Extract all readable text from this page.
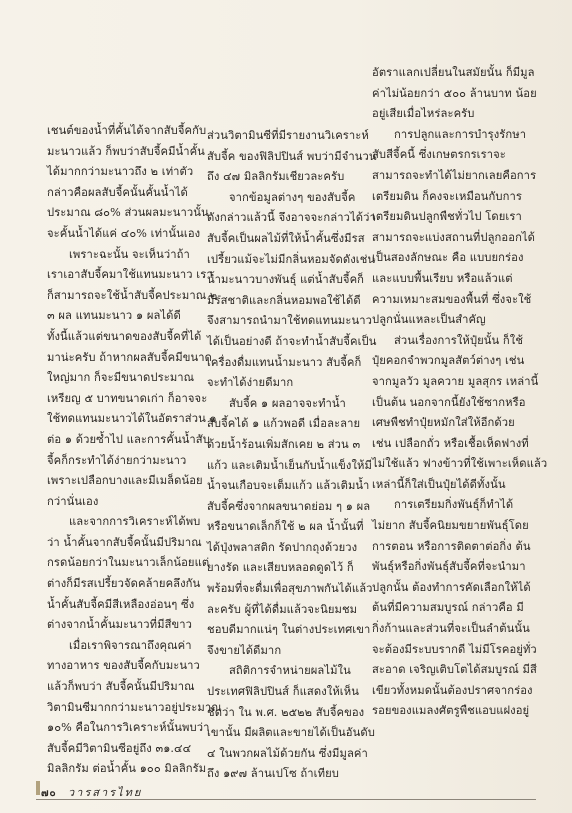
เชนต์ของน้ำที่คั้นได้จากสับจี้คกับ
มะนาวแล้ว ก็พบว่าสับจี้คมีน้ำคั้น
ได้มากกว่ามะนาวถึง ๒ เท่าตัว
กล่าวคือผลสับจี้คนั้นคั้นน้ำได้
ประมาณ ๘๐% ส่วนผลมะนาวนั้น
จะคั้นน้ำได้แค่ ๔๐% เท่านั้นเอง
เพราะฉะนั้น จะเห็นว่าถ้า
เราเอาสับจี้คมาใช้แทนมะนาว เรา
ก็สามารถจะใช้น้ำสับจี้คประมาณ ๒-
๓ ผล แทนมะนาว ๑ ผลได้ดี
ทั้งนี้แล้วแต่ขนาดของสับจี้คที่ได้
มาน่ะครับ ถ้าหากผลสับจี้คมีขนาด
ใหญ่มาก ก็จะมีขนาดประมาณ
เหรียญ ๕ บาทขนาดเก่า ก็อาจจะ
ใช้ทดแทนมะนาวได้ในอัตราส่วน ๑
ต่อ ๑ ด้วยซ้ำไป และการคั้นน้ำสับ
จี้คก็กระทำได้ง่ายกว่ามะนาว
เพราะเปลือกบางและมีเมล็ดน้อย
กว่านั่นเอง
และจากการวิเคราะห์ได้พบ
ว่า น้ำคั้นจากสับจี้คนั้นมีปริมาณ
กรดน้อยกว่าในมะนาวเล็กน้อยแต่
ต่างก็มีรสเปรี้ยวจัดคล้ายคลึงกัน
น้ำคั้นสับจี้คมีสีเหลืองอ่อนๆ ซึ่ง
ต่างจากน้ำคั้นมะนาวที่มีสีขาว
เมื่อเราพิจารณาถึงคุณค่า
ทางอาหาร ของสับจี้คกับมะนาว
แล้วก็พบว่า สับจี้คนั้นมีปริมาณ
วิตามินซีมากกว่ามะนาวอยู่ประมาณ
๑๐% คือในการวิเคราะห์นั้นพบว่า
สับจี้คมีวิตามินซีอยู่ถึง ๓๑.๔๔
มิลลิกรัม ต่อน้ำคั้น ๑๐๐ มิลลิกรัม
ส่วนวิตามินซีที่มีรายงานวิเคราะห์
สับจี้ค ของฟิลิปปินส์ พบว่ามีจำนวน
ถึง ๔๗ มิลลิกรัมเชียวละครับ
จากข้อมูลต่างๆ ของสับจี้ค
ดังกล่าวแล้วนี้ จึงอาจจะกล่าวได้ว่า
สับจี้คเป็นผลไม้ที่ให้น้ำคั้นซึ่งมีรส
เปรี้ยวแม้จะไม่มีกลิ่นหอมจัดดังเช่น
น้ำมะนาวบางพันธุ์ แต่น้ำสับจี้คก็
มีรสชาติและกลิ่นหอมพอใช้ได้ดี
จึงสามารถนำมาใช้ทดแทนมะนาว
ได้เป็นอย่างดี ถ้าจะทำน้ำสับจี้คเป็น
เครื่องดื่มแทนน้ำมะนาว สับจี้คก็
จะทำได้ง่ายดีมาก
สับจี้ค ๑ ผลอาจจะทำน้ำ
สับจี้คได้ ๑ แก้วพอดี เมื่อละลาย
ด้วยน้ำร้อนเพิ่มสักเคย ๒ ส่วน ๓
แก้ว และเติมน้ำเย็นกับน้ำแข็งให้มี
น้ำจนเกือบจะเต็มแก้ว แล้วเติมน้ำ
สับจี้คซึ่งจากผลขนาดย่อม ๆ ๑ ผล
หรือขนาดเล็กก็ใช้ ๒ ผล น้ำนั้นที่
ได้ปุ่งพลาสติก รัดปากถุงด้วยวง
ยางรัด และเสียบหลอดดูดไว้ ก็
พร้อมที่จะดื่มเพื่อสุขภาพกันได้แล้ว
ละครับ ผู้ที่ได้ดื่มแล้วจะนิยมชม
ชอบดีมากแน่ๆ ในต่างประเทศเขา
จึงขายได้ดีมาก
สถิติการจำหน่ายผลไม้ใน
ประเทศฟิลิปปินส์ ก็แสดงให้เห็น
ชัดว่า ใน พ.ศ. ๒๕๒๒ สับจี้คของ
เขานั้น มีผลิตและขายได้เป็นอันดับ
๔ ในพวกผลไม้ด้วยกัน ซึ่งมีมูลค่า
ถึง ๑๙๗ ล้านเปโซ ถ้าเทียบ
อัตราแลกเปลี่ยนในสมัยนั้น ก็มีมูล
ค่าไม่น้อยกว่า ๕๐๐ ล้านบาท น้อย
อยู่เสียเมื่อไหร่ละครับ
การปลูกและการบำรุงรักษา
สับสีจี้คนี้ ซึ่งเกษตรกรเราจะ
สามารถจะทำได้ไม่ยากเลยคือการ
เตรียมดิน ก็คงจะเหมือนกับการ
เตรียมดินปลูกพืชทั่วไป โดยเรา
สามารถจะแบ่งสถานที่ปลูกออกได้
เป็นสองลักษณะ คือ แบบยกร่อง
และแบบพื้นเรียบ หรือแล้วแต่
ความเหมาะสมของพื้นที่ ซึ่งจะใช้
ปลูกนั่นแหละเป็นสำคัญ
ส่วนเรื่องการให้ปุ๋ยนั้น ก็ใช้
ปุ๋ยคอกจำพวกมูลสัตว์ต่างๆ เช่น
จากมูลวัว มูลควาย มูลสุกร เหล่านี้
เป็นต้น นอกจากนี้ยังใช้ซากหรือ
เศษพืชทำปุ๋ยหมักใส่ให้อีกด้วย
เช่น เปลือกถั่ว หรือเชื้อเห็ดฟางที่
ไม่ใช้แล้ว ฟางข้าวที่ใช้เพาะเห็ดแล้ว
เหล่านี้ก็ใส่เป็นปุ๋ยได้ดีทั้งนั้น
การเตรียมกิ่งพันธุ์ก็ทำได้
ไม่ยาก สับจี้คนิยมขยายพันธุ์โดย
การตอน หรือการติดตาต่อกิ่ง ต้น
พันธุ์หรือกิ่งพันธุ์สับจี้คที่จะนำมา
ปลูกนั้น ต้องทำการคัดเลือกให้ได้
ต้นที่มีความสมบูรณ์ กล่าวคือ มี
กิ่งก้านและส่วนที่จะเป็นลำต้นนั้น
จะต้องมีระบบรากดี ไม่มีโรคอยู่ทั่ว
สะอาด เจริญเติบโตได้สมบูรณ์ มีสี
เขียวทั้งหมดนั้นต้องปราศจากร่อง
รอยของแมลงศัตรูพืชแอบแฝงอยู่
๗๐ วารสารไทย
